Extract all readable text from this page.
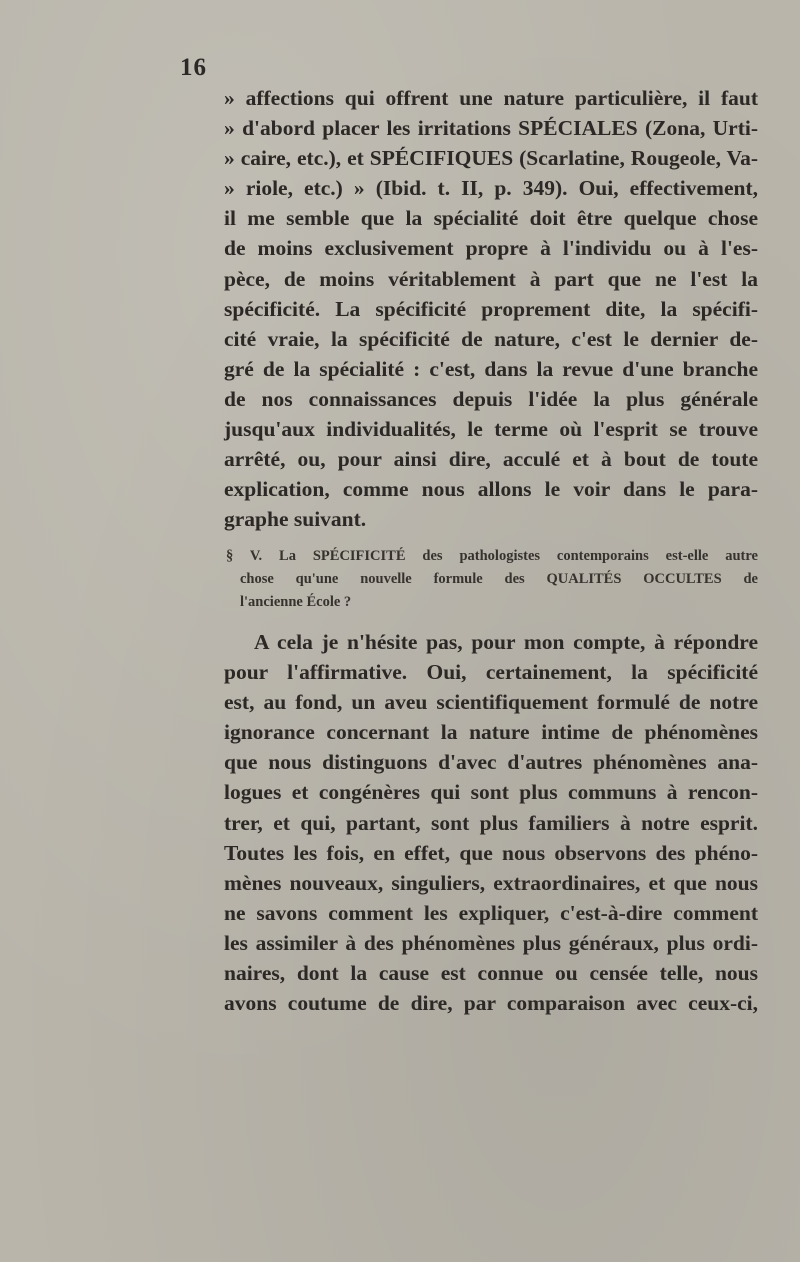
16
» affections qui offrent une nature particulière, il faut
» d'abord placer les irritations SPÉCIALES (Zona, Urti-
» caire, etc.), et SPÉCIFIQUES (Scarlatine, Rougeole, Va-
» riole, etc.) » (Ibid. t. II, p. 349). Oui, effectivement,
il me semble que la spécialité doit être quelque chose
de moins exclusivement propre à l'individu ou à l'es-
pèce, de moins véritablement à part que ne l'est la
spécificité. La spécificité proprement dite, la spécifi-
cité vraie, la spécificité de nature, c'est le dernier de-
gré de la spécialité : c'est, dans la revue d'une branche
de nos connaissances depuis l'idée la plus générale
jusqu'aux individualités, le terme où l'esprit se trouve
arrêté, ou, pour ainsi dire, acculé et à bout de toute
explication, comme nous allons le voir dans le para-
graphe suivant.
§ V. La SPÉCIFICITÉ des pathologistes contemporains est-elle autre
chose qu'une nouvelle formule des QUALITÉS OCCULTES de
l'ancienne École ?
A cela je n'hésite pas, pour mon compte, à répondre
pour l'affirmative. Oui, certainement, la spécificité
est, au fond, un aveu scientifiquement formulé de notre
ignorance concernant la nature intime de phénomènes
que nous distinguons d'avec d'autres phénomènes ana-
logues et congénères qui sont plus communs à rencon-
trer, et qui, partant, sont plus familiers à notre esprit.
Toutes les fois, en effet, que nous observons des phéno-
mènes nouveaux, singuliers, extraordinaires, et que nous
ne savons comment les expliquer, c'est-à-dire comment
les assimiler à des phénomènes plus généraux, plus ordi-
naires, dont la cause est connue ou censée telle, nous
avons coutume de dire, par comparaison avec ceux-ci,
